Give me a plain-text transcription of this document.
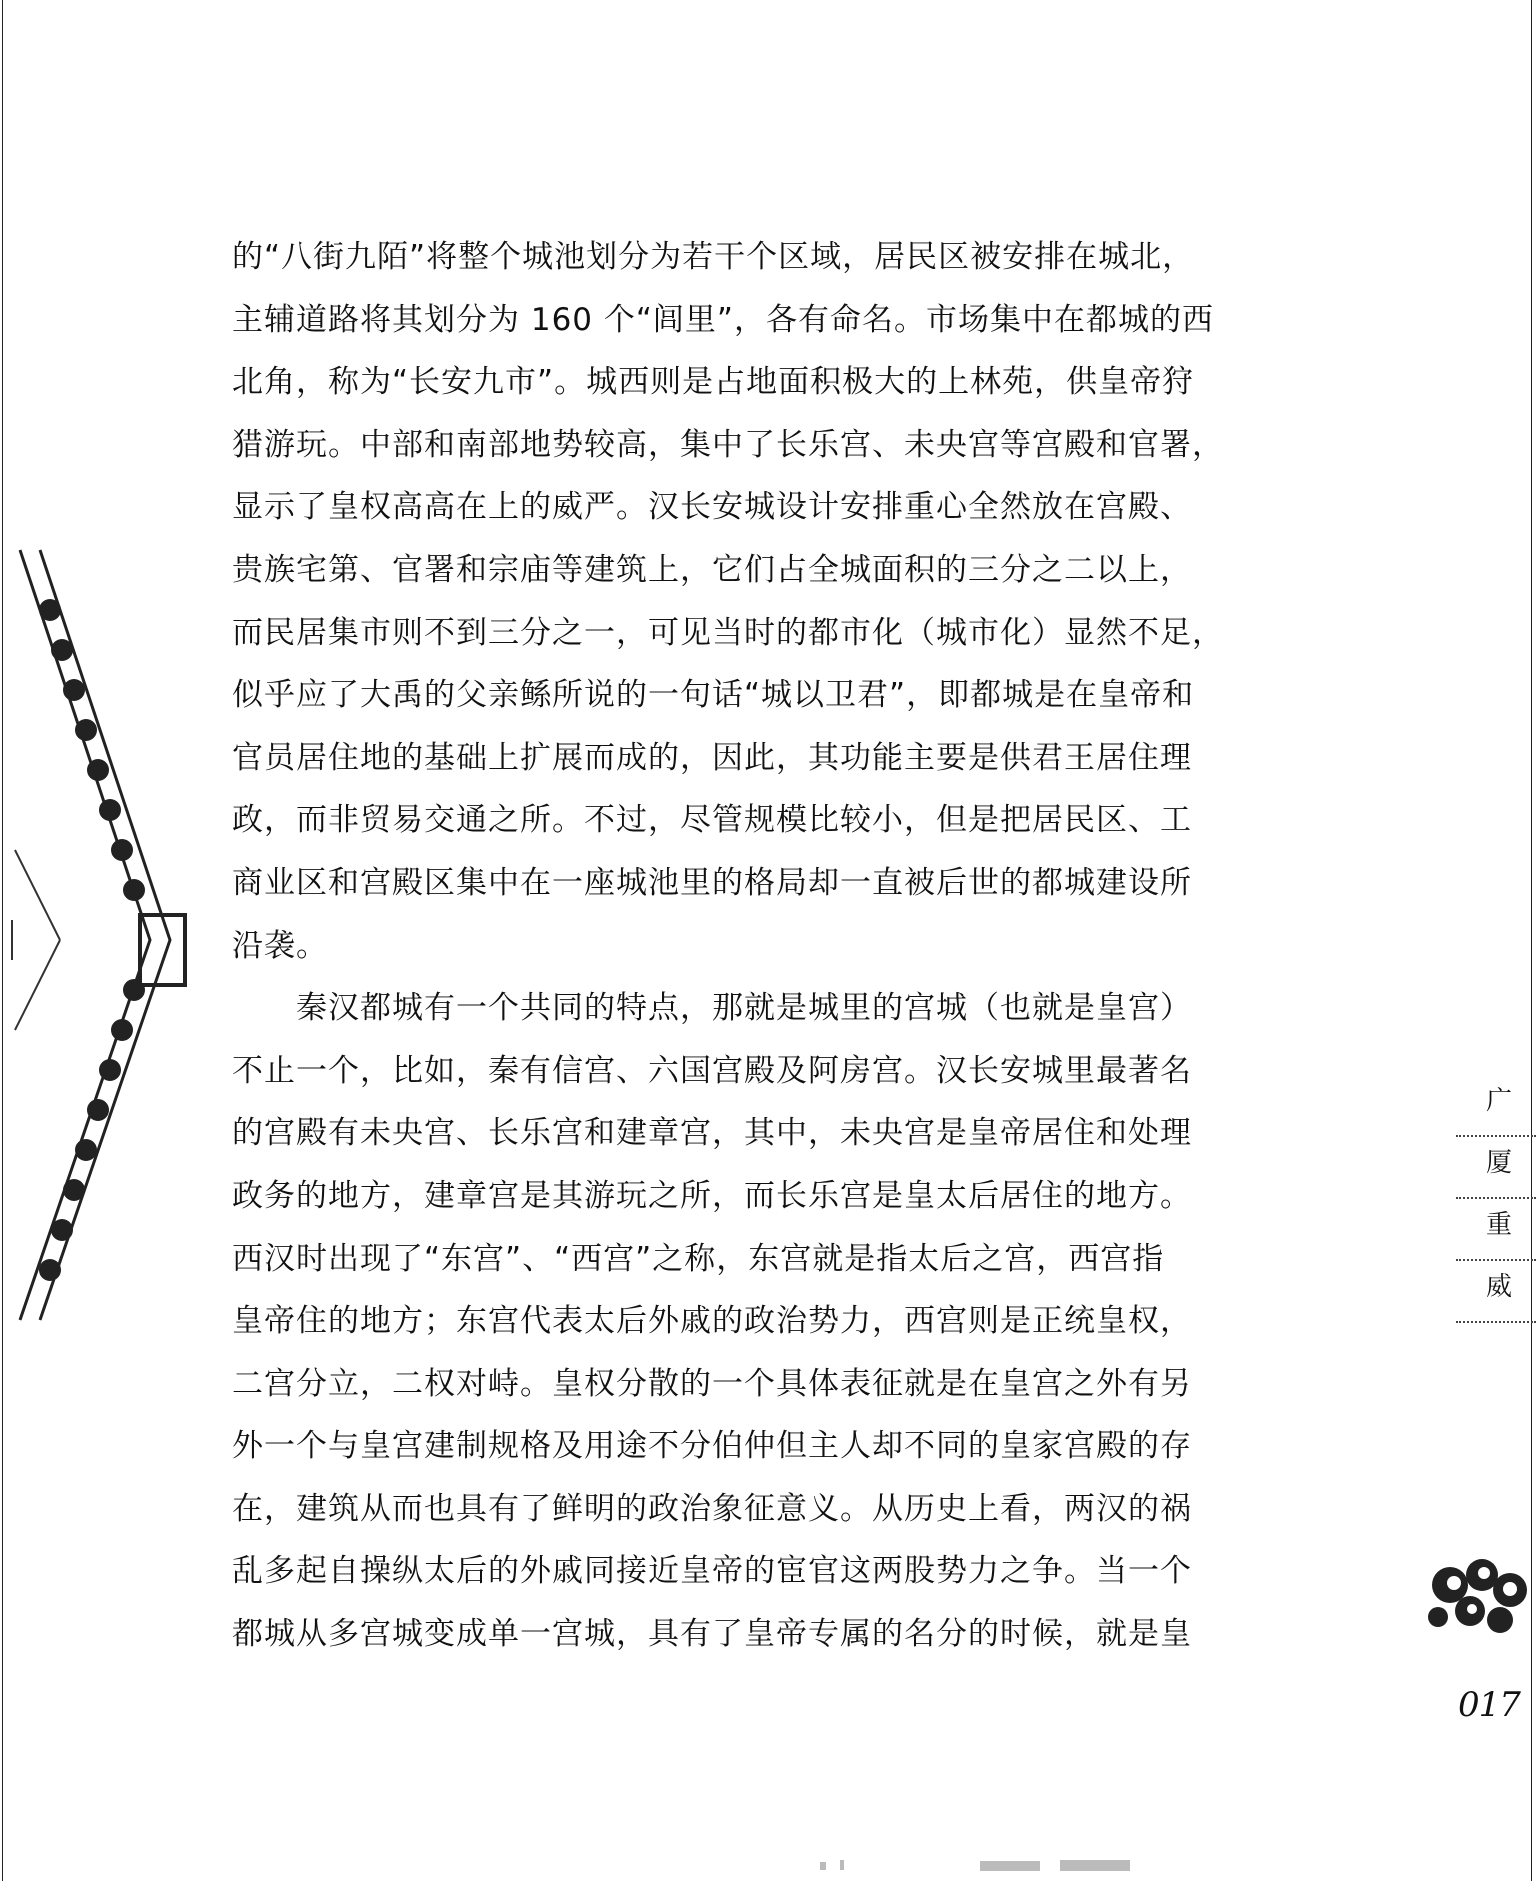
的“八街九陌”将整个城池划分为若干个区域，居民区被安排在城北，
主辅道路将其划分为 160 个“闾里”，各有命名。市场集中在都城的西
北角，称为“长安九市”。城西则是占地面积极大的上林苑，供皇帝狩
猎游玩。中部和南部地势较高，集中了长乐宫、未央宫等宫殿和官署，
显示了皇权高高在上的威严。汉长安城设计安排重心全然放在宫殿、
贵族宅第、官署和宗庙等建筑上，它们占全城面积的三分之二以上，
而民居集市则不到三分之一，可见当时的都市化（城市化）显然不足，
似乎应了大禹的父亲鲧所说的一句话“城以卫君”，即都城是在皇帝和
官员居住地的基础上扩展而成的，因此，其功能主要是供君王居住理
政，而非贸易交通之所。不过，尽管规模比较小，但是把居民区、工
商业区和宫殿区集中在一座城池里的格局却一直被后世的都城建设所
沿袭。
　　秦汉都城有一个共同的特点，那就是城里的宫城（也就是皇宫）
不止一个，比如，秦有信宫、六国宫殿及阿房宫。汉长安城里最著名
的宫殿有未央宫、长乐宫和建章宫，其中，未央宫是皇帝居住和处理
政务的地方，建章宫是其游玩之所，而长乐宫是皇太后居住的地方。
西汉时出现了“东宫”、“西宫”之称，东宫就是指太后之宫，西宫指
皇帝住的地方；东宫代表太后外戚的政治势力，西宫则是正统皇权，
二宫分立，二权对峙。皇权分散的一个具体表征就是在皇宫之外有另
外一个与皇宫建制规格及用途不分伯仲但主人却不同的皇家宫殿的存
在，建筑从而也具有了鲜明的政治象征意义。从历史上看，两汉的祸
乱多起自操纵太后的外戚同接近皇帝的宦官这两股势力之争。当一个
都城从多宫城变成单一宫城，具有了皇帝专属的名分的时候，就是皇
广
厦
重
威
017
